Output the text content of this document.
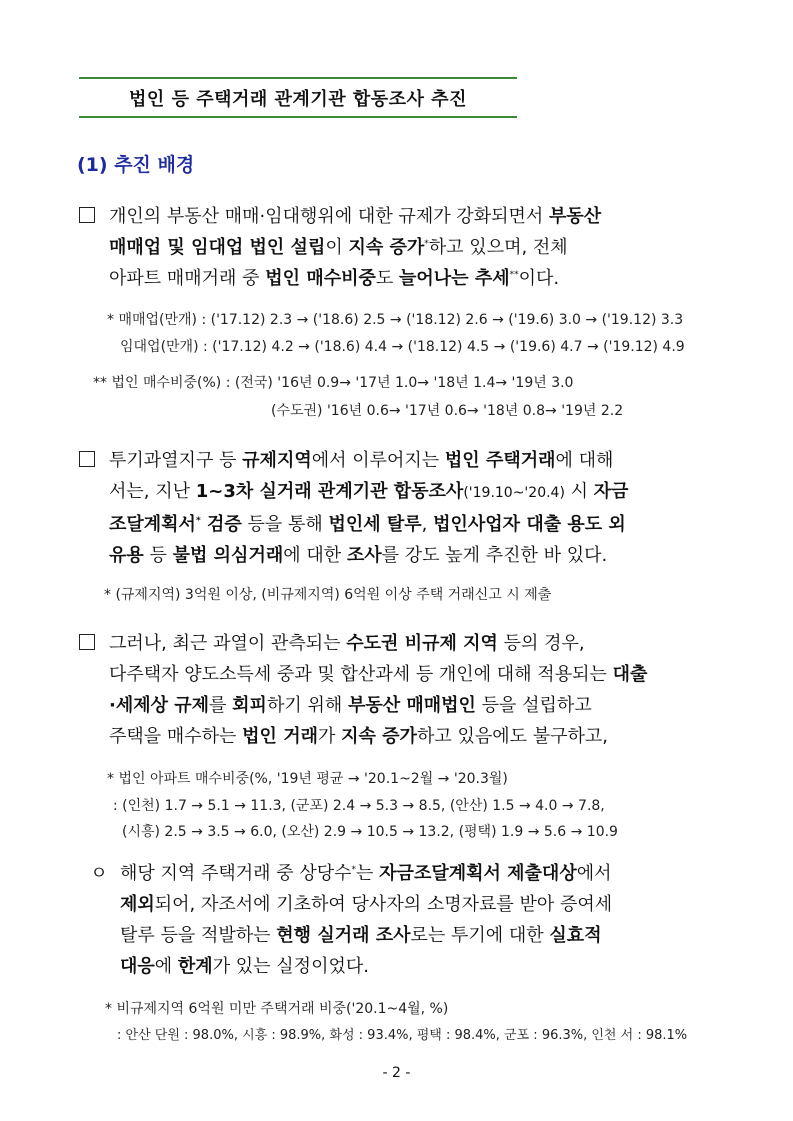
법인 등 주택거래 관계기관 합동조사 추진
(1) 추진 배경
개인의 부동산 매매·임대행위에 대한 규제가 강화되면서 부동산
매매업 및 임대업 법인 설립이 지속 증가*하고 있으며, 전체
아파트 매매거래 중 법인 매수비중도 늘어나는 추세**이다.
* 매매업(만개) : ('17.12) 2.3 → ('18.6) 2.5 → ('18.12) 2.6 → ('19.6) 3.0 → ('19.12) 3.3
임대업(만개) : ('17.12) 4.2 → ('18.6) 4.4 → ('18.12) 4.5 → ('19.6) 4.7 → ('19.12) 4.9
** 법인 매수비중(%) : (전국) '16년 0.9→ '17년 1.0→ '18년 1.4→ '19년 3.0
(수도권) '16년 0.6→ '17년 0.6→ '18년 0.8→ '19년 2.2
투기과열지구 등 규제지역에서 이루어지는 법인 주택거래에 대해
서는, 지난 1~3차 실거래 관계기관 합동조사('19.10~'20.4) 시 자금
조달계획서* 검증 등을 통해 법인세 탈루, 법인사업자 대출 용도 외
유용 등 불법 의심거래에 대한 조사를 강도 높게 추진한 바 있다.
* (규제지역) 3억원 이상, (비규제지역) 6억원 이상 주택 거래신고 시 제출
그러나, 최근 과열이 관측되는 수도권 비규제 지역 등의 경우,
다주택자 양도소득세 중과 및 합산과세 등 개인에 대해 적용되는 대출
·세제상 규제를 회피하기 위해 부동산 매매법인 등을 설립하고
주택을 매수하는 법인 거래가 지속 증가하고 있음에도 불구하고,
* 법인 아파트 매수비중(%, '19년 평균 → '20.1~2월 → '20.3월)
: (인천) 1.7 → 5.1 → 11.3, (군포) 2.4 → 5.3 → 8.5, (안산) 1.5 → 4.0 → 7.8,
(시흥) 2.5 → 3.5 → 6.0, (오산) 2.9 → 10.5 → 13.2, (평택) 1.9 → 5.6 → 10.9
ㅇ 해당 지역 주택거래 중 상당수*는 자금조달계획서 제출대상에서
제외되어, 자조서에 기초하여 당사자의 소명자료를 받아 증여세
탈루 등을 적발하는 현행 실거래 조사로는 투기에 대한 실효적
대응에 한계가 있는 실정이었다.
* 비규제지역 6억원 미만 주택거래 비중('20.1~4월, %)
: 안산 단원 : 98.0%, 시흥 : 98.9%, 화성 : 93.4%, 평택 : 98.4%, 군포 : 96.3%, 인천 서 : 98.1%
- 2 -
